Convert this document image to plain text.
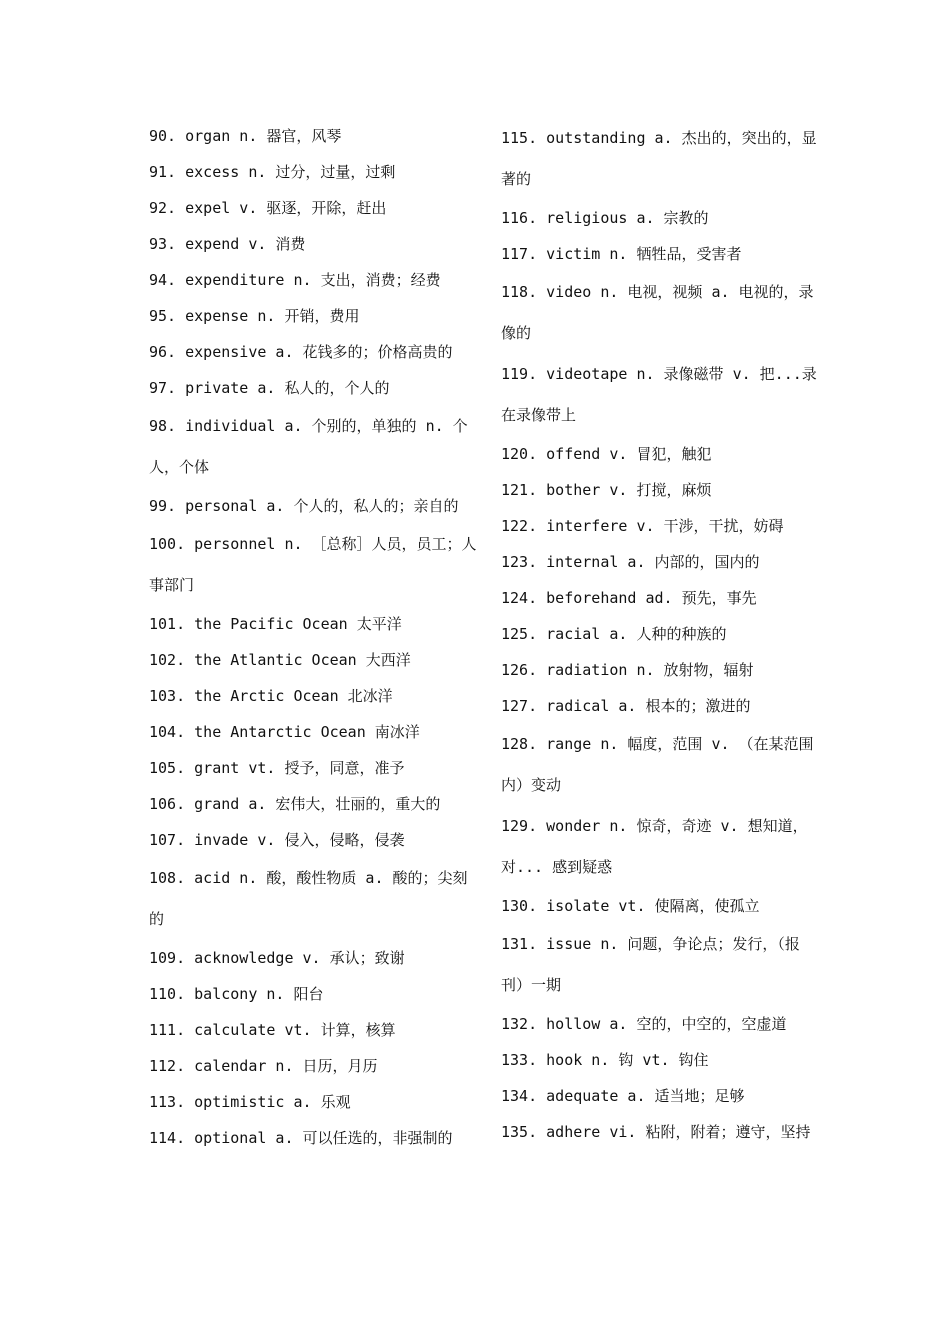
90. organ n. 器官，风琴

91. excess n. 过分，过量，过剩

92. expel v. 驱逐，开除，赶出

93. expend v. 消费

94. expenditure n. 支出，消费；经费

95. expense n. 开销，费用

96. expensive a. 花钱多的；价格高贵的

97. private a. 私人的，个人的

98. individual a. 个别的，单独的 n. 个人，个体

99. personal a. 个人的，私人的；亲自的

100. personnel n. ［总称］人员，员工；人事部门

101. the Pacific Ocean 太平洋

102. the Atlantic Ocean 大西洋

103. the Arctic Ocean 北冰洋

104. the Antarctic Ocean 南冰洋

105. grant vt. 授予，同意，准予

106. grand a. 宏伟大，壮丽的，重大的

107. invade v. 侵入，侵略，侵袭

108. acid n. 酸，酸性物质 a. 酸的；尖刻的

109. acknowledge v. 承认；致谢

110. balcony n. 阳台

111. calculate vt. 计算，核算

112. calendar n. 日历，月历

113. optimistic a. 乐观

114. optional a. 可以任选的，非强制的

115. outstanding a. 杰出的，突出的，显著的

116. religious a. 宗教的

117. victim n. 牺牲品，受害者

118. video n. 电视，视频 a. 电视的，录像的

119. videotape n. 录像磁带 v. 把...录在录像带上

120. offend v. 冒犯，触犯

121. bother v. 打搅，麻烦

122. interfere v. 干涉，干扰，妨碍

123. internal a. 内部的，国内的

124. beforehand ad. 预先，事先

125. racial a. 人种的种族的

126. radiation n. 放射物，辐射

127. radical a. 根本的；激进的

128. range n. 幅度，范围 v. （在某范围内）变动

129. wonder n. 惊奇，奇迹 v. 想知道，对... 感到疑惑

130. isolate vt. 使隔离，使孤立

131. issue n. 问题，争论点；发行，（报刊）一期

132. hollow a. 空的，中空的，空虚道

133. hook n. 钩 vt. 钩住

134. adequate a. 适当地；足够

135. adhere vi. 粘附，附着；遵守，坚持
